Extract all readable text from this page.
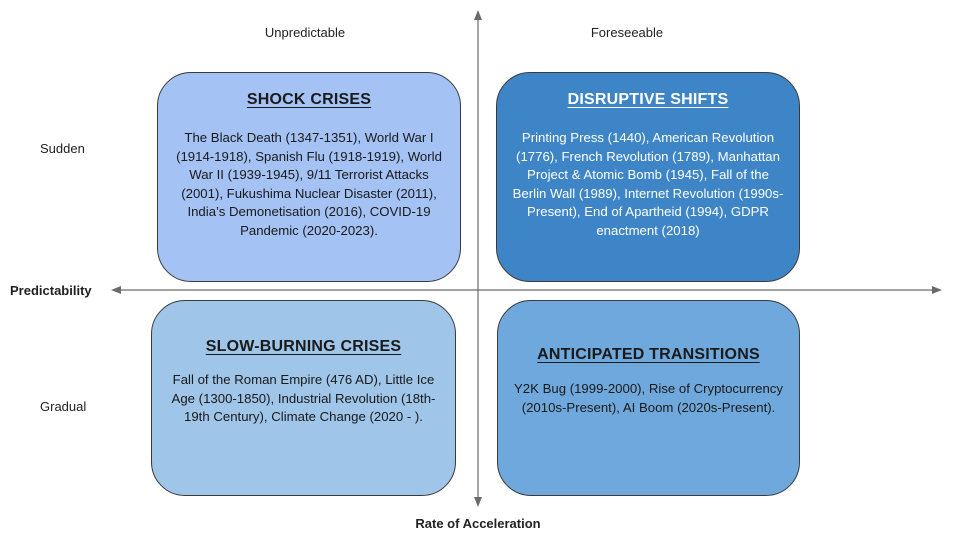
Unpredictable	Foreseeable
Sudden
Gradual
Predictability
Rate of Acceleration
SHOCK CRISES
The Black Death (1347-1351), World War I (1914-1918), Spanish Flu (1918-1919), World War II (1939-1945), 9/11 Terrorist Attacks (2001), Fukushima Nuclear Disaster (2011), India’s Demonetisation (2016), COVID-19 Pandemic (2020-2023).
DISRUPTIVE SHIFTS
Printing Press (1440), American Revolution (1776), French Revolution (1789), Manhattan Project & Atomic Bomb (1945), Fall of the Berlin Wall (1989), Internet Revolution (1990s-Present), End of Apartheid (1994), GDPR enactment (2018)
SLOW-BURNING CRISES
Fall of the Roman Empire (476 AD), Little Ice Age (1300-1850), Industrial Revolution (18th-19th Century), Climate Change (2020 - ).
ANTICIPATED TRANSITIONS
Y2K Bug (1999-2000), Rise of Cryptocurrency (2010s-Present), AI Boom (2020s-Present).
